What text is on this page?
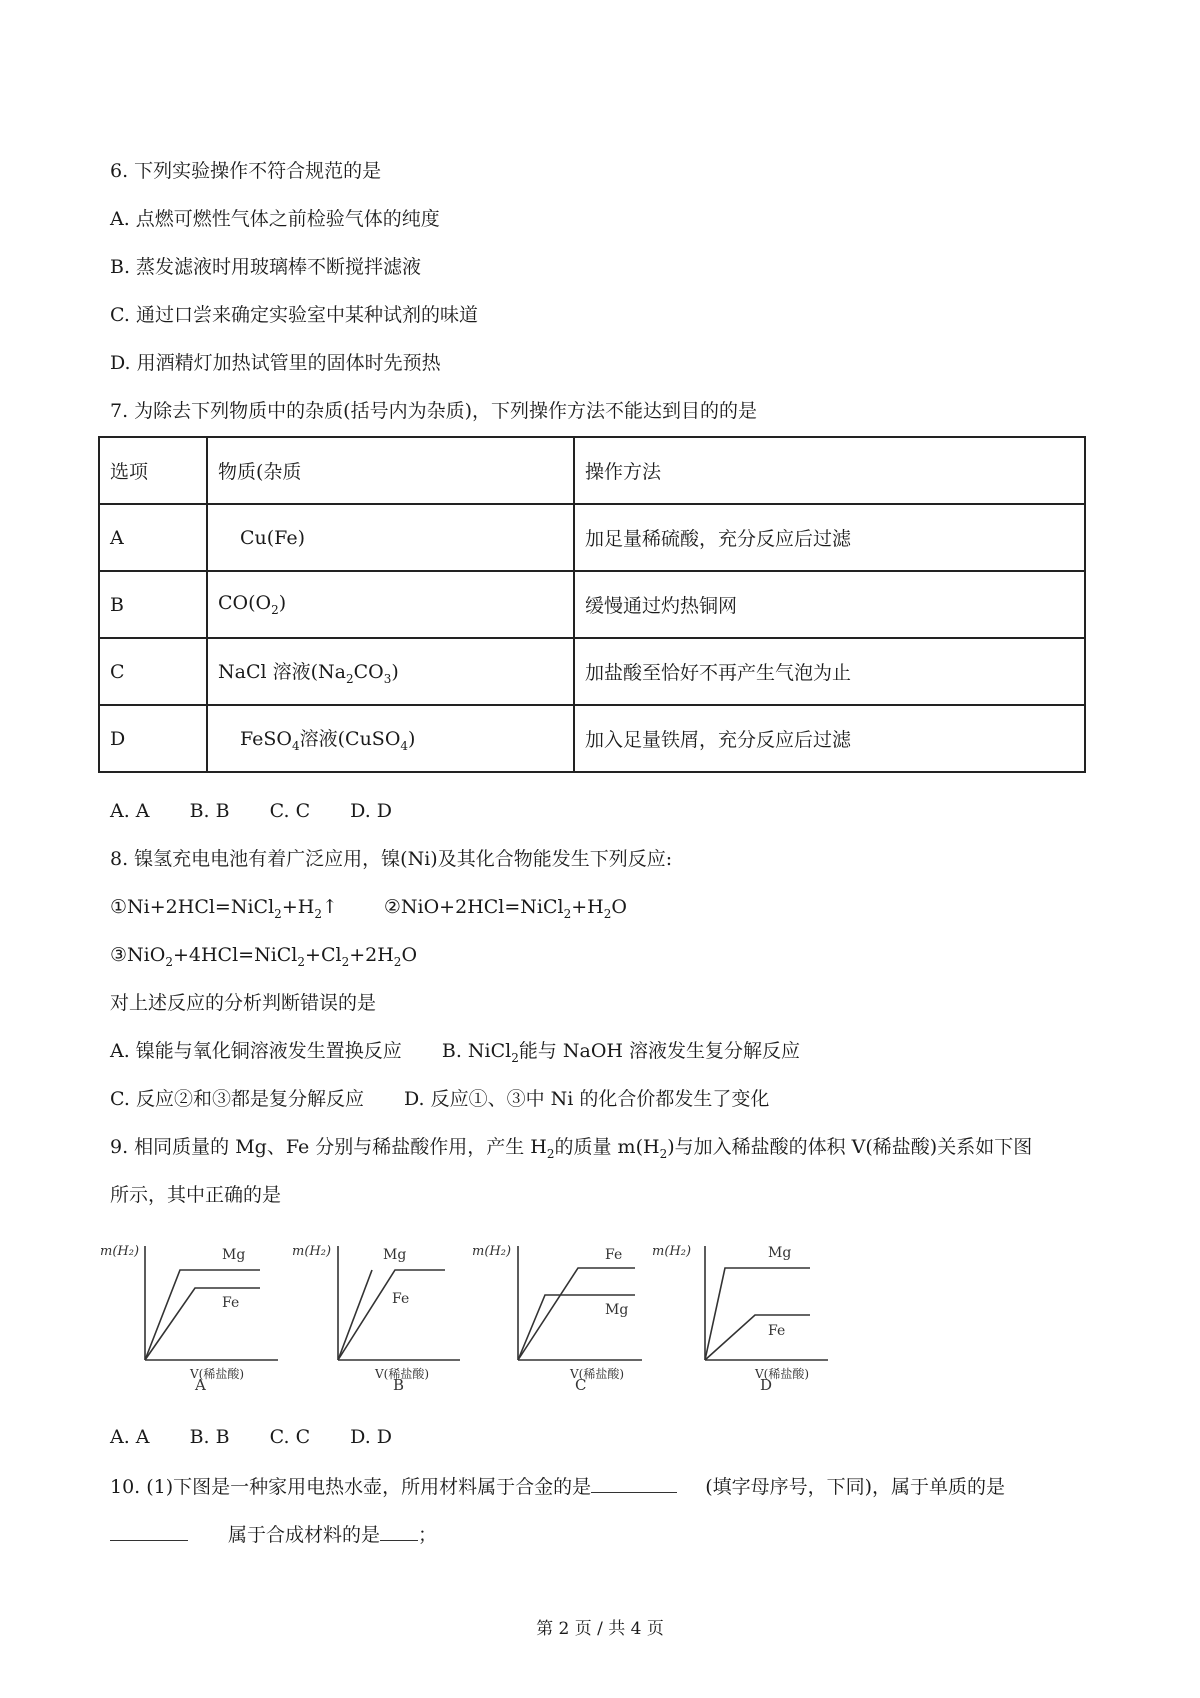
6. 下列实验操作不符合规范的是
A. 点燃可燃性气体之前检验气体的纯度
B. 蒸发滤液时用玻璃棒不断搅拌滤液
C. 通过口尝来确定实验室中某种试剂的味道
D. 用酒精灯加热试管里的固体时先预热
7. 为除去下列物质中的杂质(括号内为杂质)，下列操作方法不能达到目的的是
选项	物质(杂质	操作方法
A	Cu(Fe)	加足量稀硫酸，充分反应后过滤
B	$CO(O_2)$	缓慢通过灼热铜网
C	NaCl 溶液$(Na_2CO_3)$	加盐酸至恰好不再产生气泡为止
D	FeSO$_4$溶液(CuSO$_4$)	加入足量铁屑，充分反应后过滤
A. A B. B C. C D. D
8. 镍氢充电电池有着广泛应用，镍(Ni)及其化合物能发生下列反应:
$①Ni+2HCl=NiCl_2+H_2↑$ $②NiO+2HCl=NiCl_2+H_2O$
$③NiO_2+4HCl=NiCl_2+Cl_2+2H_2O$
对上述反应的分析判断错误的是
A. 镍能与氧化铜溶液发生置换反应 B. NiCl$_2$能与 NaOH 溶液发生复分解反应
C. 反应②和③都是复分解反应 D. 反应①、③中 Ni 的化合价都发生了变化
9. 相同质量的 Mg、Fe 分别与稀盐酸作用，产生 $H_2$的质量 $m(H_2)$与加入稀盐酸的体积 V(稀盐酸)关系如下图
所示，其中正确的是
m(H₂)	Mg
Fe
V(稀盐酸)
A
m(H₂)	Mg
Fe
V(稀盐酸)
B
m(H₂)	Fe
Mg
V(稀盐酸)
C
m(H₂)	Mg
Fe
V(稀盐酸)
D
A. A B. B C. C D. D
10. (1)下图是一种家用电热水壶，所用材料属于合金的是	(填字母序号，下同)，属于单质的是
属于合成材料的是 ；
第 2 页 / 共 4 页
